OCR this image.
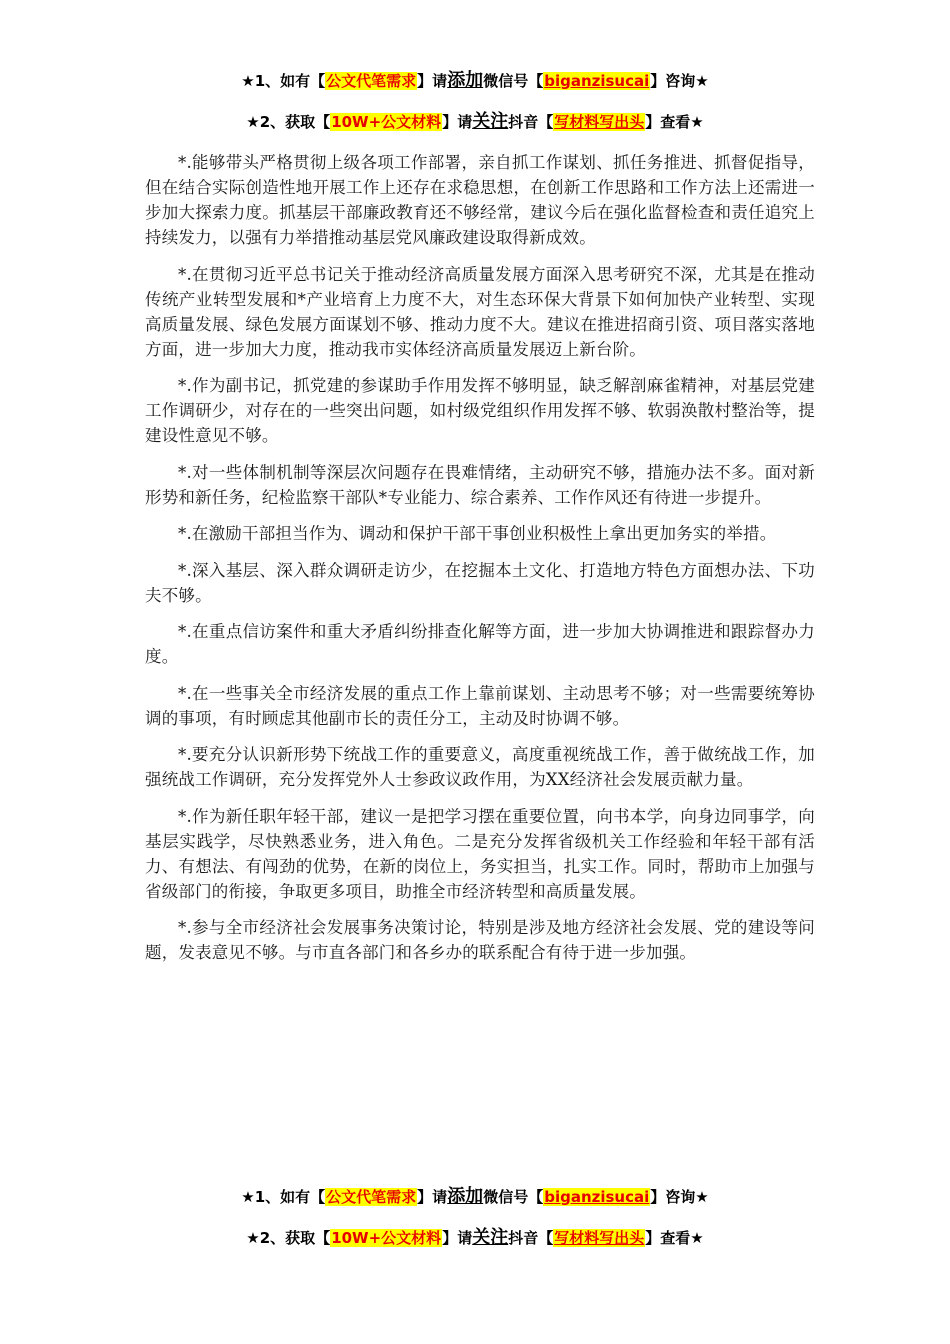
★1、如有【公文代笔需求】请添加微信号【biganzisucai】咨询★
★2、获取【10W+公文材料】请关注抖音【写材料写出头】查看★

*.能够带头严格贯彻上级各项工作部署，亲自抓工作谋划、抓任务推进、抓督促指导，但在结合实际创造性地开展工作上还存在求稳思想，在创新工作思路和工作方法上还需进一步加大探索力度。抓基层干部廉政教育还不够经常，建议今后在强化监督检查和责任追究上持续发力，以强有力举措推动基层党风廉政建设取得新成效。

*.在贯彻习近平总书记关于推动经济高质量发展方面深入思考研究不深，尤其是在推动传统产业转型发展和*产业培育上力度不大，对生态环保大背景下如何加快产业转型、实现高质量发展、绿色发展方面谋划不够、推动力度不大。建议在推进招商引资、项目落实落地方面，进一步加大力度，推动我市实体经济高质量发展迈上新台阶。

*.作为副书记，抓党建的参谋助手作用发挥不够明显，缺乏解剖麻雀精神，对基层党建工作调研少，对存在的一些突出问题，如村级党组织作用发挥不够、软弱涣散村整治等，提建设性意见不够。

*.对一些体制机制等深层次问题存在畏难情绪，主动研究不够，措施办法不多。面对新形势和新任务，纪检监察干部队*专业能力、综合素养、工作作风还有待进一步提升。

*.在激励干部担当作为、调动和保护干部干事创业积极性上拿出更加务实的举措。

*.深入基层、深入群众调研走访少，在挖掘本土文化、打造地方特色方面想办法、下功夫不够。

*.在重点信访案件和重大矛盾纠纷排查化解等方面，进一步加大协调推进和跟踪督办力度。

*.在一些事关全市经济发展的重点工作上靠前谋划、主动思考不够；对一些需要统筹协调的事项，有时顾虑其他副市长的责任分工，主动及时协调不够。

*.要充分认识新形势下统战工作的重要意义，高度重视统战工作，善于做统战工作，加强统战工作调研，充分发挥党外人士参政议政作用，为XX经济社会发展贡献力量。

*.作为新任职年轻干部，建议一是把学习摆在重要位置，向书本学，向身边同事学，向基层实践学，尽快熟悉业务，进入角色。二是充分发挥省级机关工作经验和年轻干部有活力、有想法、有闯劲的优势，在新的岗位上，务实担当，扎实工作。同时，帮助市上加强与省级部门的衔接，争取更多项目，助推全市经济转型和高质量发展。

*.参与全市经济社会发展事务决策讨论，特别是涉及地方经济社会发展、党的建设等问题，发表意见不够。与市直各部门和各乡办的联系配合有待于进一步加强。

★1、如有【公文代笔需求】请添加微信号【biganzisucai】咨询★
★2、获取【10W+公文材料】请关注抖音【写材料写出头】查看★
